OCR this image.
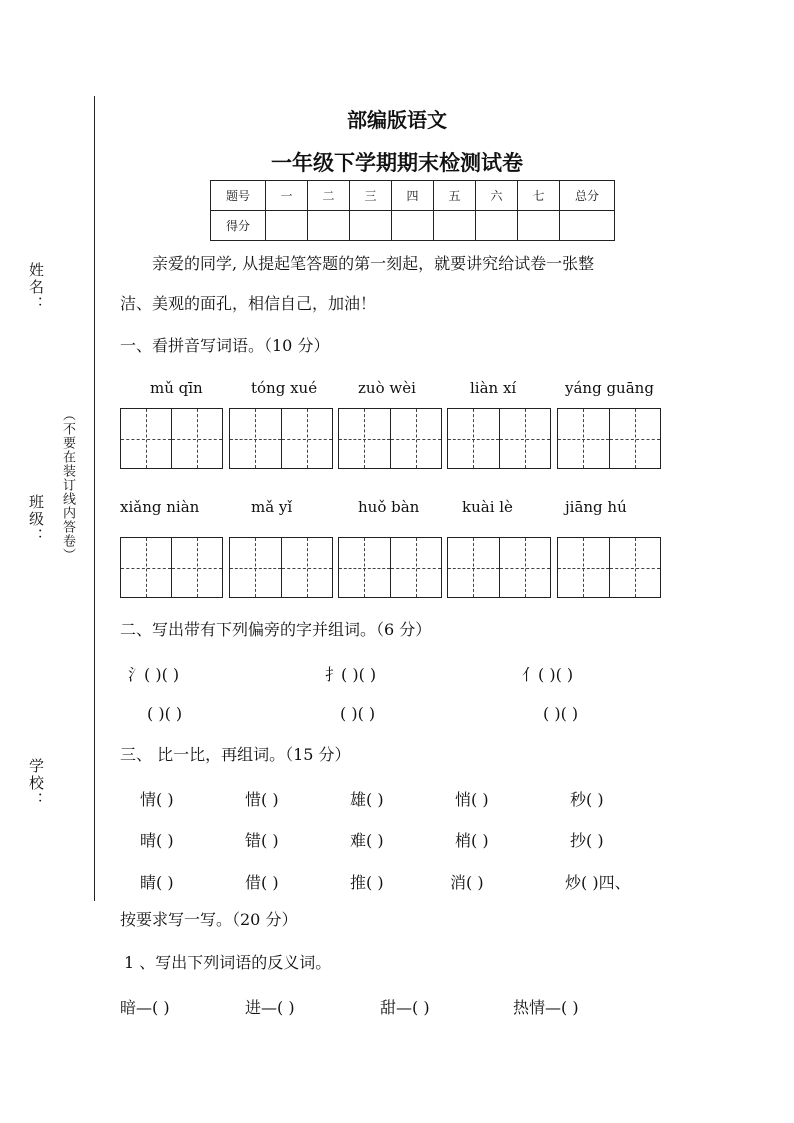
姓名：
（不要在装订线内答卷）
班级：
学校：
部编版语文
一年级下学期期末检测试卷
题号	一	二	三	四	五	六	七	总分
得分								
亲爱的同学, 从提起笔答题的第一刻起，就要讲究给试卷一张整
洁、美观的面孔，相信自己，加油！
一、看拼音写词语。（10 分）
mǔ qīn	tóng xué	zuò wèi	liàn xí	yáng guāng
xiǎng niàn	mǎ yǐ	huǒ bàn	kuài lè	jiāng hú
二、写出带有下列偏旁的字并组词。（6 分）
氵( )( )	扌( )( )	亻( )( )
( )( )	( )( )	( )( )
三、 比一比，再组词。（15 分）
情( )	惜( )	雄( )	悄( )	秒( )
晴( )	错( )	难( )	梢( )	抄( )
睛( )	借( )	推( )	消( )	炒( )四、
按要求写一写。（20 分）
1 、写出下列词语的反义词。
暗—( )	进—( )	甜—( )	热情—( )
